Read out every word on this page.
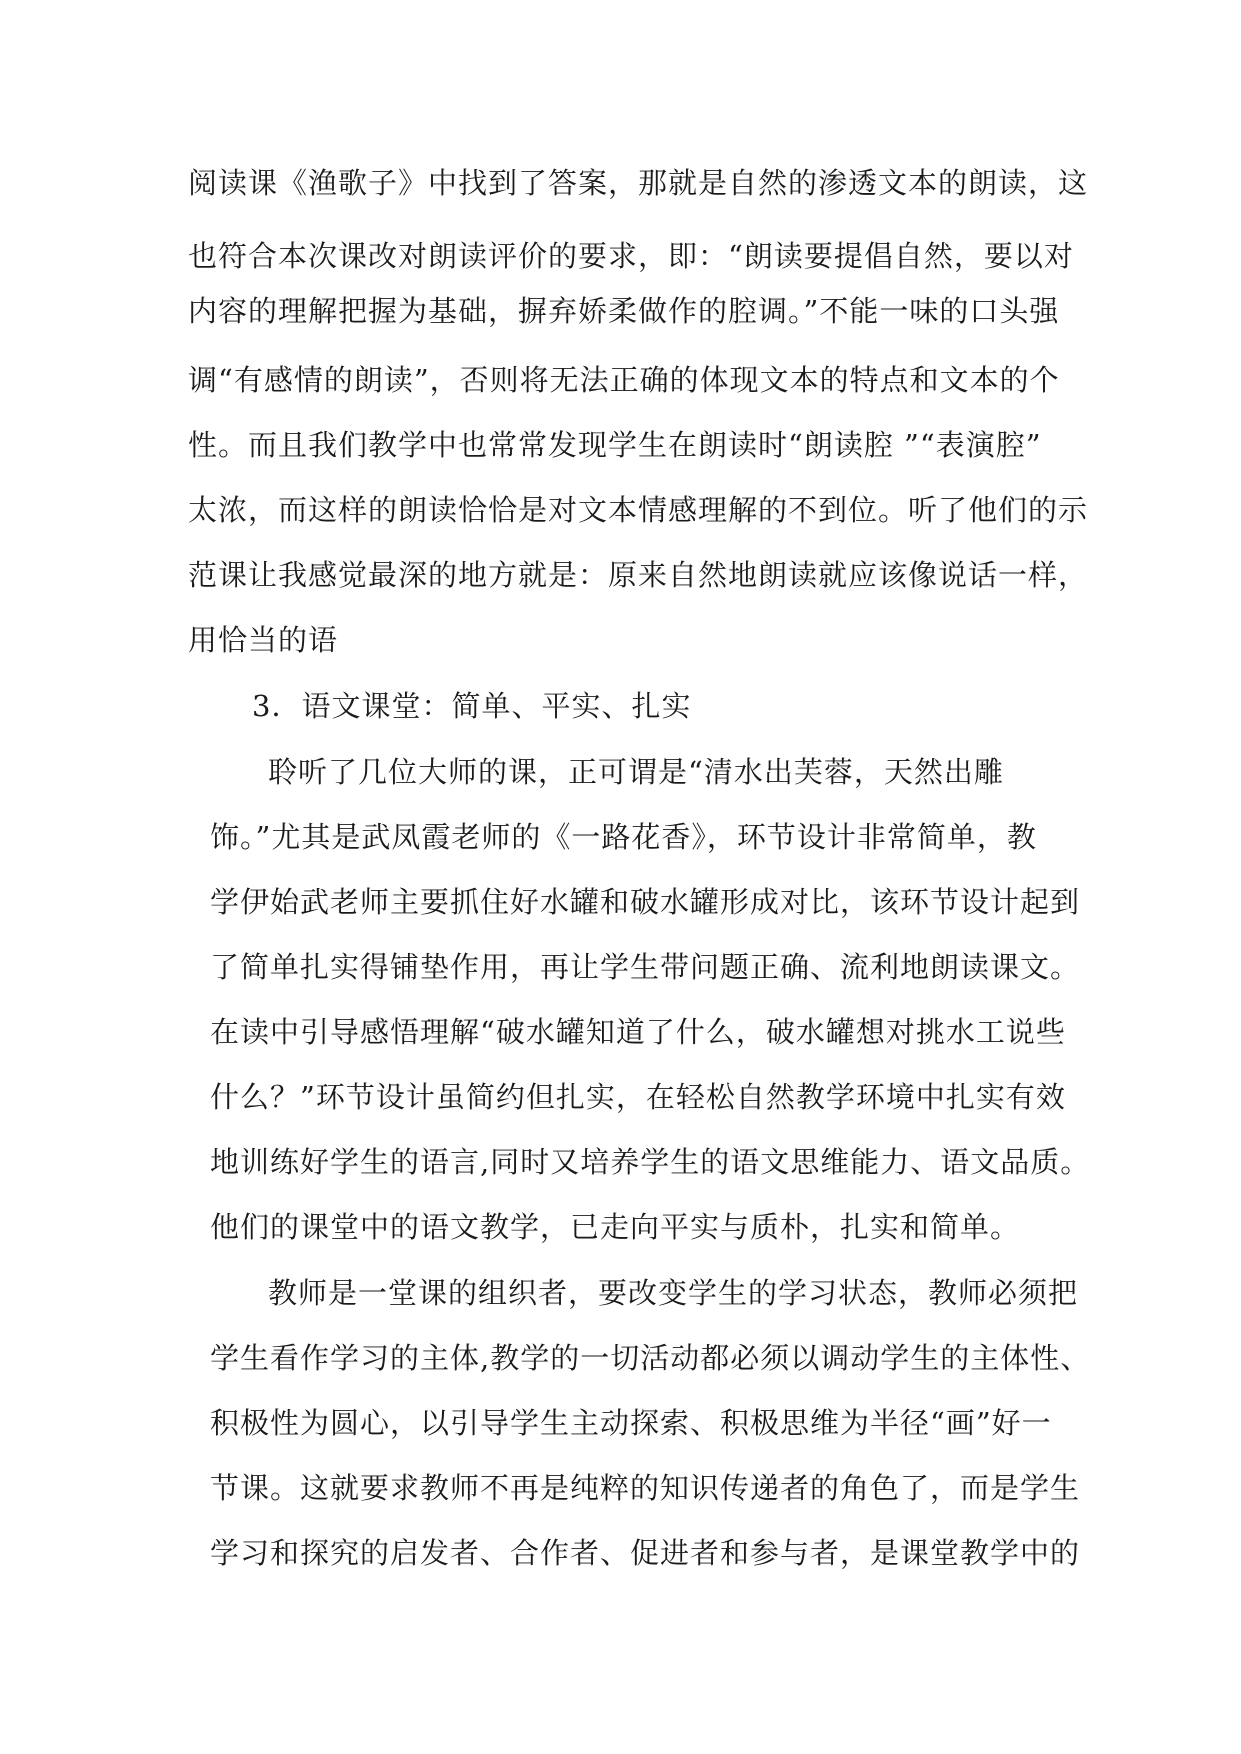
阅读课《渔歌子》中找到了答案，那就是自然的渗透文本的朗读，这
也符合本次课改对朗读评价的要求，即：“朗读要提倡自然，要以对
内容的理解把握为基础，摒弃娇柔做作的腔调。”不能一味的口头强
调“有感情的朗读”，否则将无法正确的体现文本的特点和文本的个
性。而且我们教学中也常常发现学生在朗读时“朗读腔 ”“表演腔”
太浓，而这样的朗读恰恰是对文本情感理解的不到位。听了他们的示
范课让我感觉最深的地方就是：原来自然地朗读就应该像说话一样，
用恰当的语
3．语文课堂：简单、平实、扎实
聆听了几位大师的课，正可谓是“清水出芙蓉，天然出雕
饰。”尤其是武凤霞老师的《一路花香》，环节设计非常简单，教
学伊始武老师主要抓住好水罐和破水罐形成对比，该环节设计起到
了简单扎实得铺垫作用，再让学生带问题正确、流利地朗读课文。
在读中引导感悟理解“破水罐知道了什么，破水罐想对挑水工说些
什么？”环节设计虽简约但扎实，在轻松自然教学环境中扎实有效
地训练好学生的语言,同时又培养学生的语文思维能力、语文品质。
他们的课堂中的语文教学，已走向平实与质朴，扎实和简单。
教师是一堂课的组织者，要改变学生的学习状态，教师必须把
学生看作学习的主体,教学的一切活动都必须以调动学生的主体性、
积极性为圆心，以引导学生主动探索、积极思维为半径“画”好一
节课。这就要求教师不再是纯粹的知识传递者的角色了，而是学生
学习和探究的启发者、合作者、促进者和参与者，是课堂教学中的
